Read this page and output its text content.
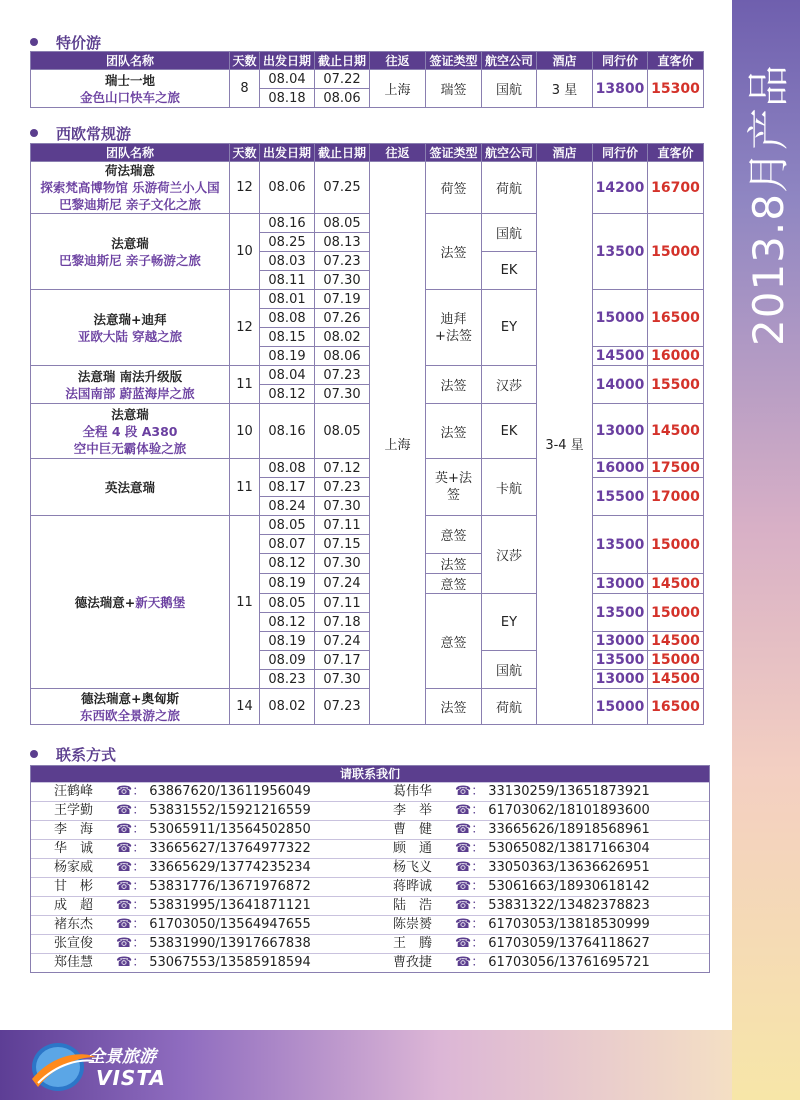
2013.8月产品
特价游
团队名称	天数	出发日期	截止日期	往返	签证类型	航空公司	酒店	同行价	直客价
瑞士一地
金色山口快车之旅	8	08.04	07.22	上海	瑞签	国航	3 星	13800	15300
		08.18	08.06						
西欧常规游
团队名称	天数	出发日期	截止日期	往返	签证类型	航空公司	酒店	同行价	直客价
荷法瑞意
探索梵高博物馆 乐游荷兰小人国
巴黎迪斯尼 亲子文化之旅	12	08.06	07.25	上海	荷签	荷航	3-4 星	14200	16700
法意瑞
巴黎迪斯尼 亲子畅游之旅	10	08.16	08.05		法签	国航		13500	15000
		08.25	08.13						
		08.03	07.23			EK			
		08.11	07.30						
法意瑞+迪拜
亚欧大陆 穿越之旅	12	08.01	07.19		迪拜+法签	EY		15000	16500
		08.08	07.26						
		08.15	08.02						
		08.19	08.06					14500	16000
法意瑞 南法升级版
法国南部 蔚蓝海岸之旅	11	08.04	07.23		法签	汉莎		14000	15500
		08.12	07.30						
法意瑞
全程 4 段 A380
空中巨无霸体验之旅	10	08.16	08.05		法签	EK		13000	14500
英法意瑞	11	08.08	07.12		英+法签	卡航		16000	17500
		08.17	07.23					15500	17000
		08.24	07.30						
德法瑞意+新天鹅堡	11	08.05	07.11		意签	汉莎		13500	15000
		08.07	07.15						
		08.12	07.30		法签				
		08.19	07.24		意签			13000	14500
		08.05	07.11		意签	EY		13500	15000
		08.12	07.18						
		08.19	07.24					13000	14500
		08.09	07.17			国航		13500	15000
		08.23	07.30					13000	14500
德法瑞意+奥匈斯
东西欧全景游之旅	14	08.02	07.23		法签	荷航		15000	16500
联系方式
请联系我们
汪鹤峰	☎： 63867620/13611956049	葛伟华	☎： 33130259/13651873921
王学勤	☎： 53831552/15921216559	李　举	☎： 61703062/18101893600
李　海	☎： 53065911/13564502850	曹　健	☎： 33665626/18918568961
华　诚	☎： 33665627/13764977322	顾　通	☎： 53065082/13817166304
杨家威	☎： 33665629/13774235234	杨飞义	☎： 33050363/13636626951
甘　彬	☎： 53831776/13671976872	蒋晔诚	☎： 53061663/18930618142
成　超	☎： 53831995/13641871121	陆　浩	☎： 53831322/13482378823
褚东杰	☎： 61703050/13564947655	陈崇赟	☎： 61703053/13818530999
张宣俊	☎： 53831990/13917667838	王　腾	☎： 61703059/13764118627
郑佳慧	☎： 53067553/13585918594	曹孜捷	☎： 61703056/13761695721
全景旅游
VISTA
